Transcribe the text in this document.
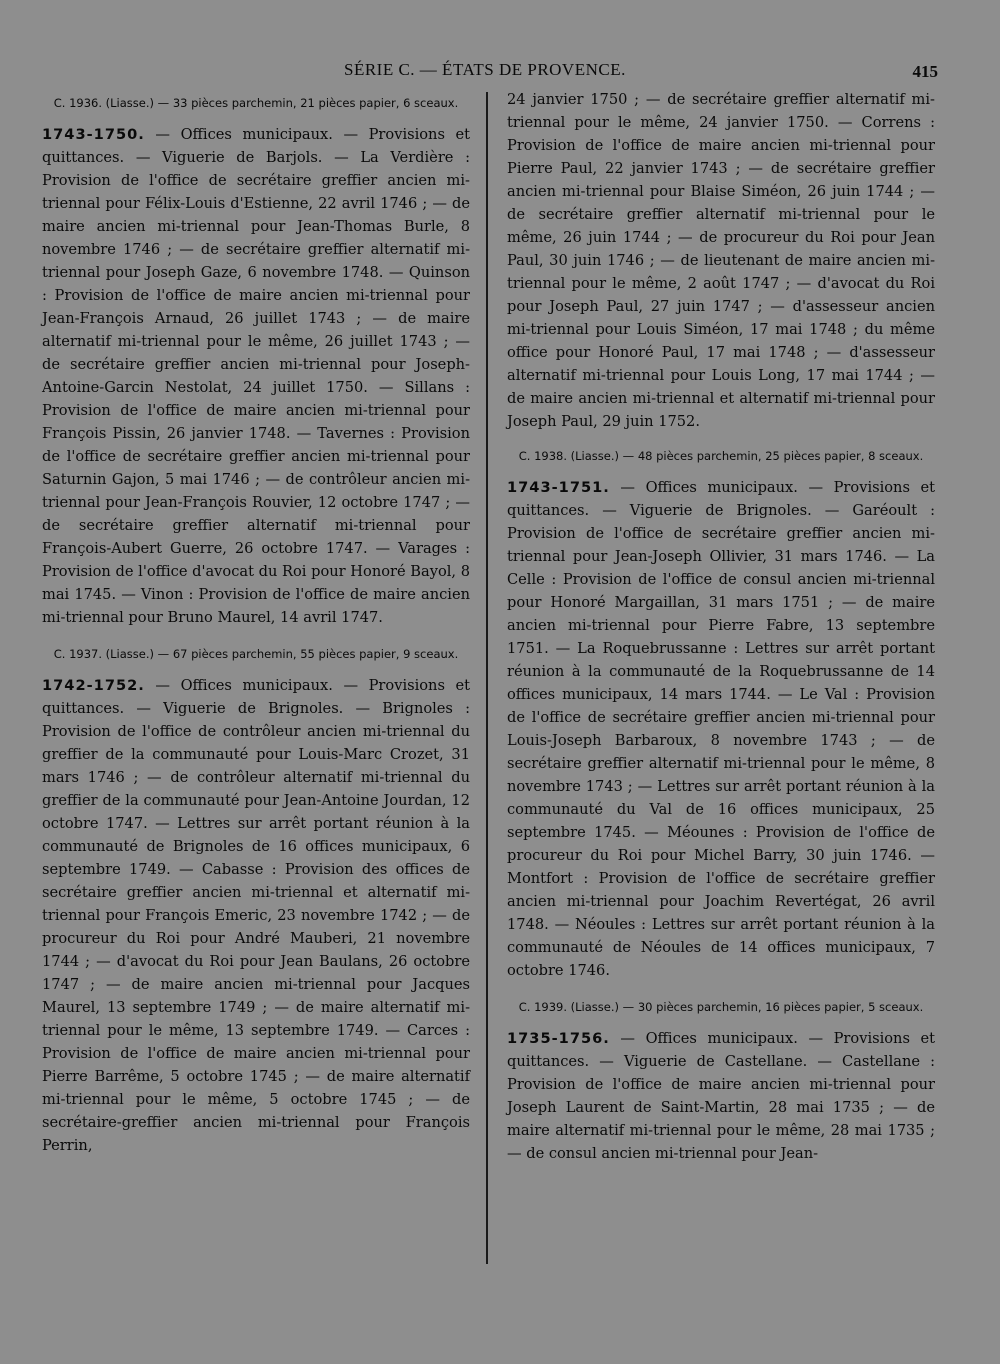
SÉRIE C. — ÉTATS DE PROVENCE.	415
C. 1936. (Liasse.) — 33 pièces parchemin, 21 pièces papier, 6 sceaux.

1743-1750. — Offices municipaux. — Provisions et quittances. — Viguerie de Barjols. — La Verdière : Provision de l'office de secrétaire greffier ancien mi-triennal pour Félix-Louis d'Estienne, 22 avril 1746 ; — de maire ancien mi-triennal pour Jean-Thomas Burle, 8 novembre 1746 ; — de secrétaire greffier alternatif mi-triennal pour Joseph Gaze, 6 novembre 1748. — Quinson : Provision de l'office de maire ancien mi-triennal pour Jean-François Arnaud, 26 juillet 1743 ; — de maire alternatif mi-triennal pour le même, 26 juillet 1743 ; — de secrétaire greffier ancien mi-triennal pour Joseph-Antoine-Garcin Nestolat, 24 juillet 1750. — Sillans : Provision de l'office de maire ancien mi-triennal pour François Pissin, 26 janvier 1748. — Tavernes : Provision de l'office de secrétaire greffier ancien mi-triennal pour Saturnin Gajon, 5 mai 1746 ; — de contrôleur ancien mi-triennal pour Jean-François Rouvier, 12 octobre 1747 ; — de secrétaire greffier alternatif mi-triennal pour François-Aubert Guerre, 26 octobre 1747. — Varages : Provision de l'office d'avocat du Roi pour Honoré Bayol, 8 mai 1745. — Vinon : Provision de l'office de maire ancien mi-triennal pour Bruno Maurel, 14 avril 1747.

C. 1937. (Liasse.) — 67 pièces parchemin, 55 pièces papier, 9 sceaux.

1742-1752. — Offices municipaux. — Provisions et quittances. — Viguerie de Brignoles. — Brignoles : Provision de l'office de contrôleur ancien mi-triennal du greffier de la communauté pour Louis-Marc Crozet, 31 mars 1746 ; — de contrôleur alternatif mi-triennal du greffier de la communauté pour Jean-Antoine Jourdan, 12 octobre 1747. — Lettres sur arrêt portant réunion à la communauté de Brignoles de 16 offices municipaux, 6 septembre 1749. — Cabasse : Provision des offices de secrétaire greffier ancien mi-triennal et alternatif mi-triennal pour François Emeric, 23 novembre 1742 ; — de procureur du Roi pour André Mauberi, 21 novembre 1744 ; — d'avocat du Roi pour Jean Baulans, 26 octobre 1747 ; — de maire ancien mi-triennal pour Jacques Maurel, 13 septembre 1749 ; — de maire alternatif mi-triennal pour le même, 13 septembre 1749. — Carces : Provision de l'office de maire ancien mi-triennal pour Pierre Barrême, 5 octobre 1745 ; — de maire alternatif mi-triennal pour le même, 5 octobre 1745 ; — de secrétaire-greffier ancien mi-triennal pour François Perrin,

24 janvier 1750 ; — de secrétaire greffier alternatif mi-triennal pour le même, 24 janvier 1750. — Correns : Provision de l'office de maire ancien mi-triennal pour Pierre Paul, 22 janvier 1743 ; — de secrétaire greffier ancien mi-triennal pour Blaise Siméon, 26 juin 1744 ; — de secrétaire greffier alternatif mi-triennal pour le même, 26 juin 1744 ; — de procureur du Roi pour Jean Paul, 30 juin 1746 ; — de lieutenant de maire ancien mi-triennal pour le même, 2 août 1747 ; — d'avocat du Roi pour Joseph Paul, 27 juin 1747 ; — d'assesseur ancien mi-triennal pour Louis Siméon, 17 mai 1748 ; du même office pour Honoré Paul, 17 mai 1748 ; — d'assesseur alternatif mi-triennal pour Louis Long, 17 mai 1744 ; — de maire ancien mi-triennal et alternatif mi-triennal pour Joseph Paul, 29 juin 1752.

C. 1938. (Liasse.) — 48 pièces parchemin, 25 pièces papier, 8 sceaux.

1743-1751. — Offices municipaux. — Provisions et quittances. — Viguerie de Brignoles. — Garéoult : Provision de l'office de secrétaire greffier ancien mi-triennal pour Jean-Joseph Ollivier, 31 mars 1746. — La Celle : Provision de l'office de consul ancien mi-triennal pour Honoré Margaillan, 31 mars 1751 ; — de maire ancien mi-triennal pour Pierre Fabre, 13 septembre 1751. — La Roquebrussanne : Lettres sur arrêt portant réunion à la communauté de la Roquebrussanne de 14 offices municipaux, 14 mars 1744. — Le Val : Provision de l'office de secrétaire greffier ancien mi-triennal pour Louis-Joseph Barbaroux, 8 novembre 1743 ; — de secrétaire greffier alternatif mi-triennal pour le même, 8 novembre 1743 ; — Lettres sur arrêt portant réunion à la communauté du Val de 16 offices municipaux, 25 septembre 1745. — Méounes : Provision de l'office de procureur du Roi pour Michel Barry, 30 juin 1746. — Montfort : Provision de l'office de secrétaire greffier ancien mi-triennal pour Joachim Revertégat, 26 avril 1748. — Néoules : Lettres sur arrêt portant réunion à la communauté de Néoules de 14 offices municipaux, 7 octobre 1746.

C. 1939. (Liasse.) — 30 pièces parchemin, 16 pièces papier, 5 sceaux.

1735-1756. — Offices municipaux. — Provisions et quittances. — Viguerie de Castellane. — Castellane : Provision de l'office de maire ancien mi-triennal pour Joseph Laurent de Saint-Martin, 28 mai 1735 ; — de maire alternatif mi-triennal pour le même, 28 mai 1735 ; — de consul ancien mi-triennal pour Jean-
